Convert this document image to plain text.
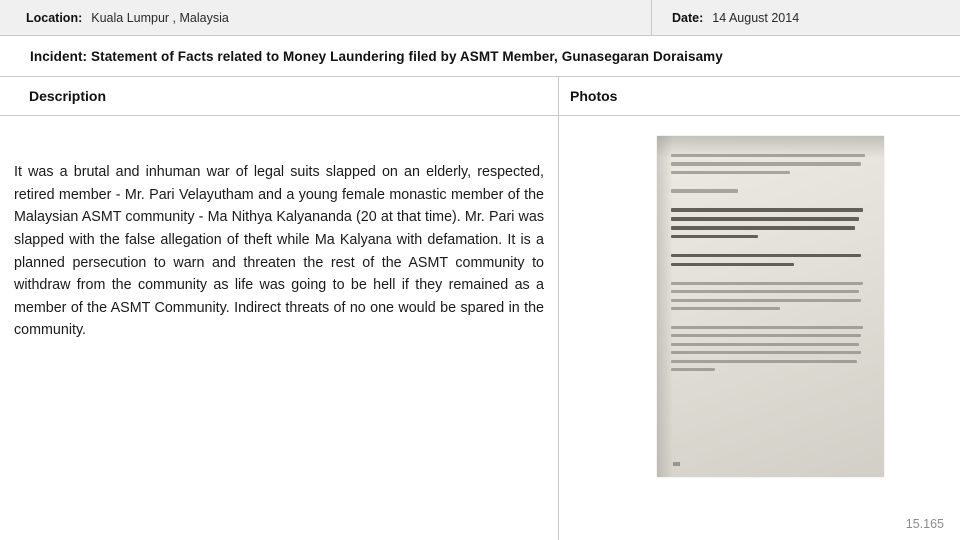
Location: Kuala Lumpur , Malaysia	Date: 14 August 2014
Incident: Statement of Facts related to Money Laundering filed by ASMT Member, Gunasegaran Doraisamy
Description	Photos

It was a brutal and inhuman war of legal suits slapped on an elderly, respected, retired member - Mr. Pari Velayutham and a young female monastic member of the Malaysian ASMT community - Ma Nithya Kalyananda (20 at that time). Mr. Pari was slapped with the false allegation of theft while Ma Kalyana with defamation. It is a planned persecution to warn and threaten the rest of the ASMT community to withdraw from the community as life was going to be hell if they remained as a member of the ASMT Community. Indirect threats of no one would be spared in the community.

15.165
